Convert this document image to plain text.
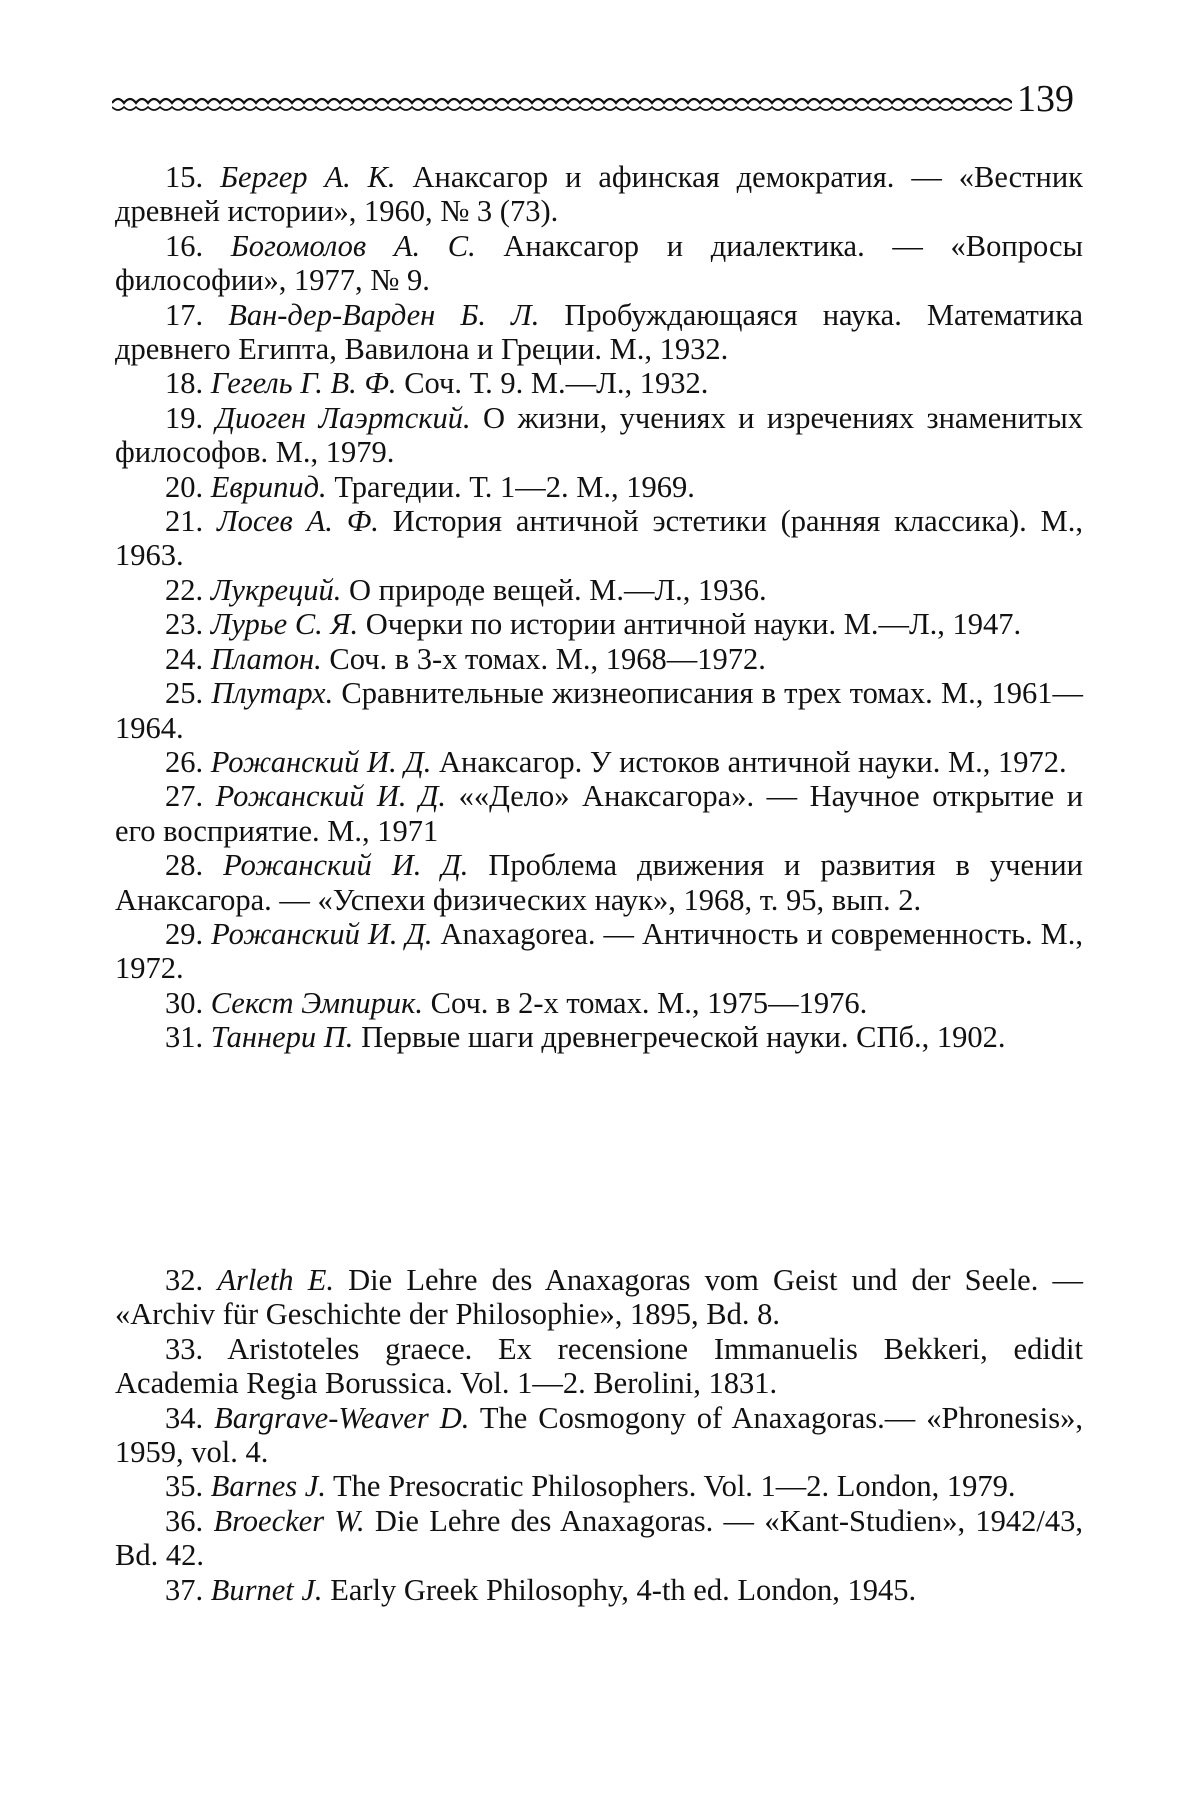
139

15. Бергер А. К. Анаксагор и афинская демократия. — «Вестник древней истории», 1960, № 3 (73).

16. Богомолов А. С. Анаксагор и диалектика. — «Вопросы философии», 1977, № 9.

17. Ван-дер-Варден Б. Л. Пробуждающаяся наука. Математика древнего Египта, Вавилона и Греции. М., 1932.

18. Гегель Г. В. Ф. Соч. Т. 9. М.—Л., 1932.

19. Диоген Лаэртский. О жизни, учениях и изречениях знаменитых философов. М., 1979.

20. Еврипид. Трагедии. Т. 1—2. М., 1969.

21. Лосев А. Ф. История античной эстетики (ранняя классика). М., 1963.

22. Лукреций. О природе вещей. М.—Л., 1936.

23. Лурье С. Я. Очерки по истории античной науки. М.—Л., 1947.

24. Платон. Соч. в 3-х томах. М., 1968—1972.

25. Плутарх. Сравнительные жизнеописания в трех томах. М., 1961—1964.

26. Рожанский И. Д. Анаксагор. У истоков античной науки. М., 1972.

27. Рожанский И. Д. ««Дело» Анаксагора». — Научное открытие и его восприятие. М., 1971

28. Рожанский И. Д. Проблема движения и развития в учении Анаксагора. — «Успехи физических наук», 1968, т. 95, вып. 2.

29. Рожанский И. Д. Anaxagorea. — Античность и современность. М., 1972.

30. Секст Эмпирик. Соч. в 2-х томах. М., 1975—1976.

31. Таннери П. Первые шаги древнегреческой науки. СПб., 1902.

32. Arleth E. Die Lehre des Anaxagoras vom Geist und der Seele. — «Archiv für Geschichte der Philosophie», 1895, Bd. 8.

33. Aristoteles graece. Ex recensione Immanuelis Bekkeri, edidit Academia Regia Borussica. Vol. 1—2. Berolini, 1831.

34. Bargrave-Weaver D. The Cosmogony of Anaxagoras.— «Phronesis», 1959, vol. 4.

35. Barnes J. The Presocratic Philosophers. Vol. 1—2. London, 1979.

36. Broecker W. Die Lehre des Anaxagoras. — «Kant-Studien», 1942/43, Bd. 42.

37. Burnet J. Early Greek Philosophy, 4-th ed. London, 1945.
